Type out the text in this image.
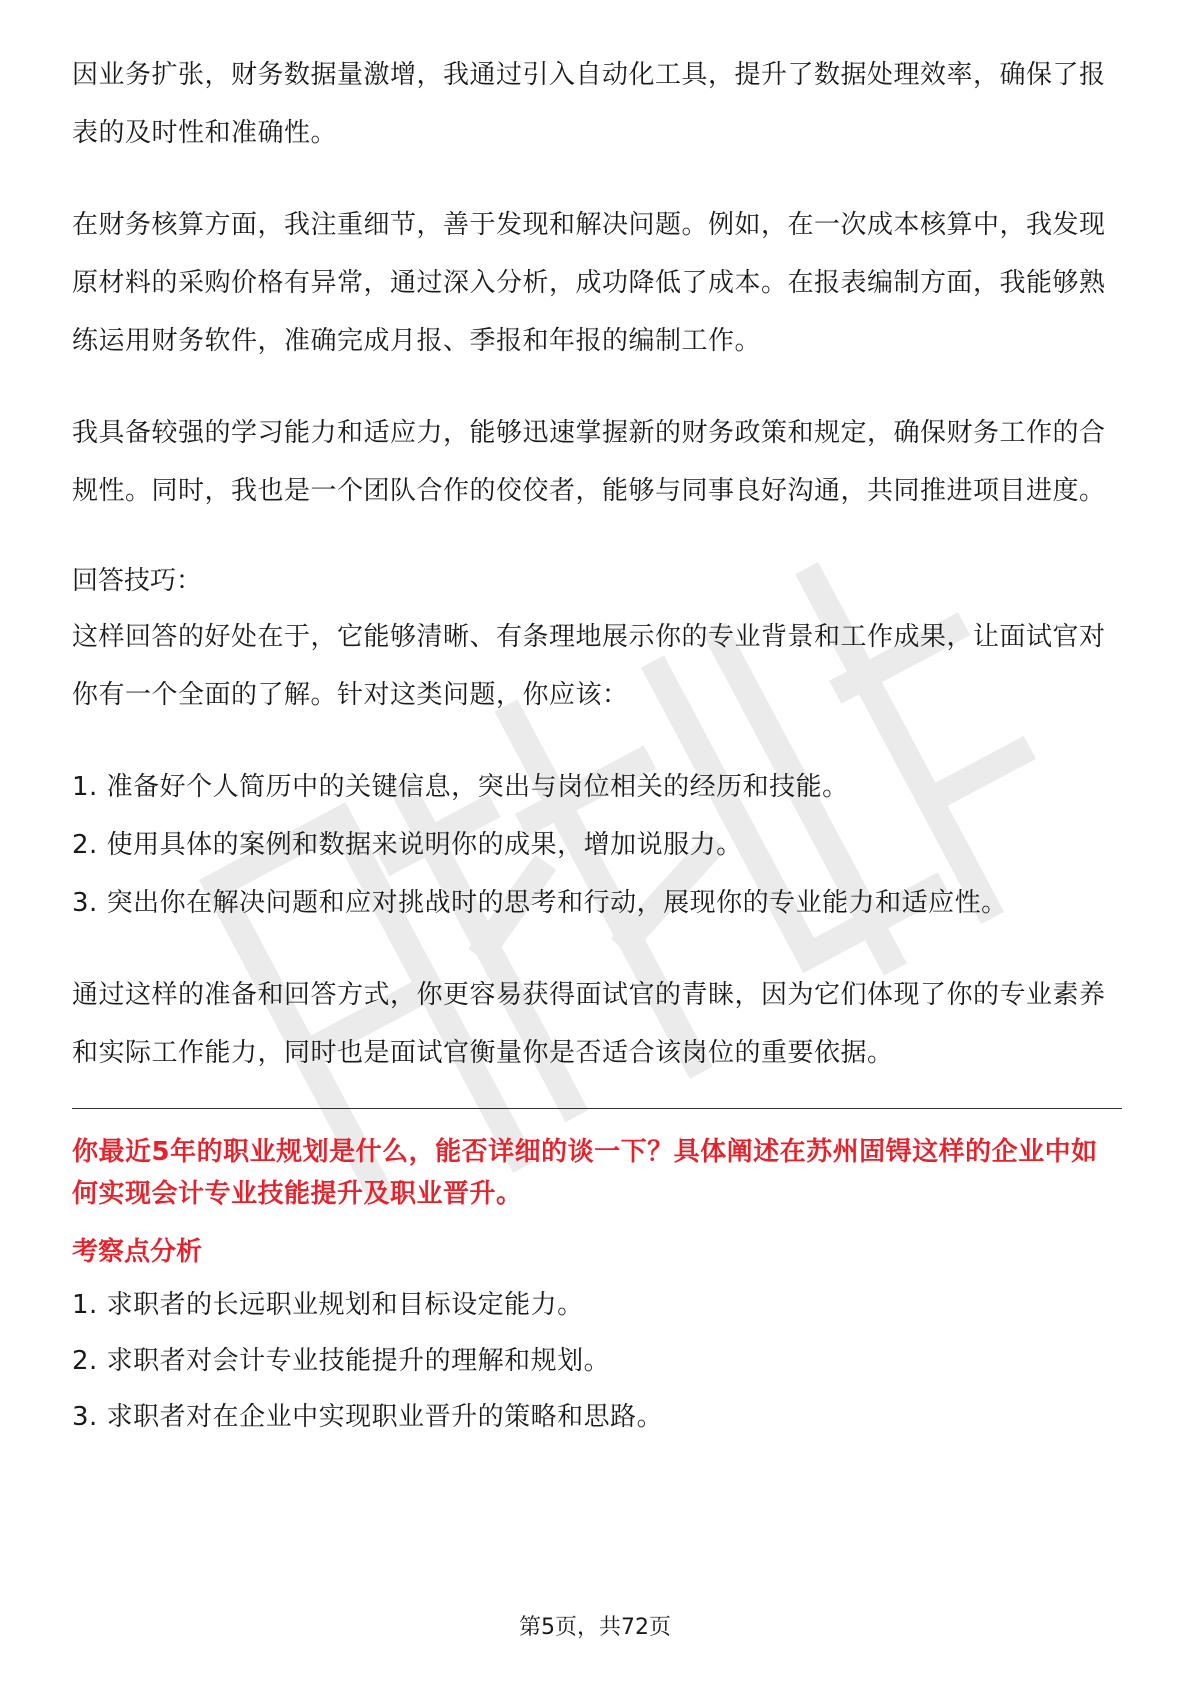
因业务扩张，财务数据量激增，我通过引入自动化工具，提升了数据处理效率，确保了报表的及时性和准确性。

在财务核算方面，我注重细节，善于发现和解决问题。例如，在一次成本核算中，我发现原材料的采购价格有异常，通过深入分析，成功降低了成本。在报表编制方面，我能够熟练运用财务软件，准确完成月报、季报和年报的编制工作。

我具备较强的学习能力和适应力，能够迅速掌握新的财务政策和规定，确保财务工作的合规性。同时，我也是一个团队合作的佼佼者，能够与同事良好沟通，共同推进项目进度。

回答技巧：

这样回答的好处在于，它能够清晰、有条理地展示你的专业背景和工作成果，让面试官对你有一个全面的了解。针对这类问题，你应该：

1. 准备好个人简历中的关键信息，突出与岗位相关的经历和技能。
2. 使用具体的案例和数据来说明你的成果，增加说服力。
3. 突出你在解决问题和应对挑战时的思考和行动，展现你的专业能力和适应性。

通过这样的准备和回答方式，你更容易获得面试官的青睐，因为它们体现了你的专业素养和实际工作能力，同时也是面试官衡量你是否适合该岗位的重要依据。

你最近5年的职业规划是什么，能否详细的谈一下？具体阐述在苏州固锝这样的企业中如何实现会计专业技能提升及职业晋升。

考察点分析

1. 求职者的长远职业规划和目标设定能力。
2. 求职者对会计专业技能提升的理解和规划。
3. 求职者对在企业中实现职业晋升的策略和思路。
第5页，共72页
